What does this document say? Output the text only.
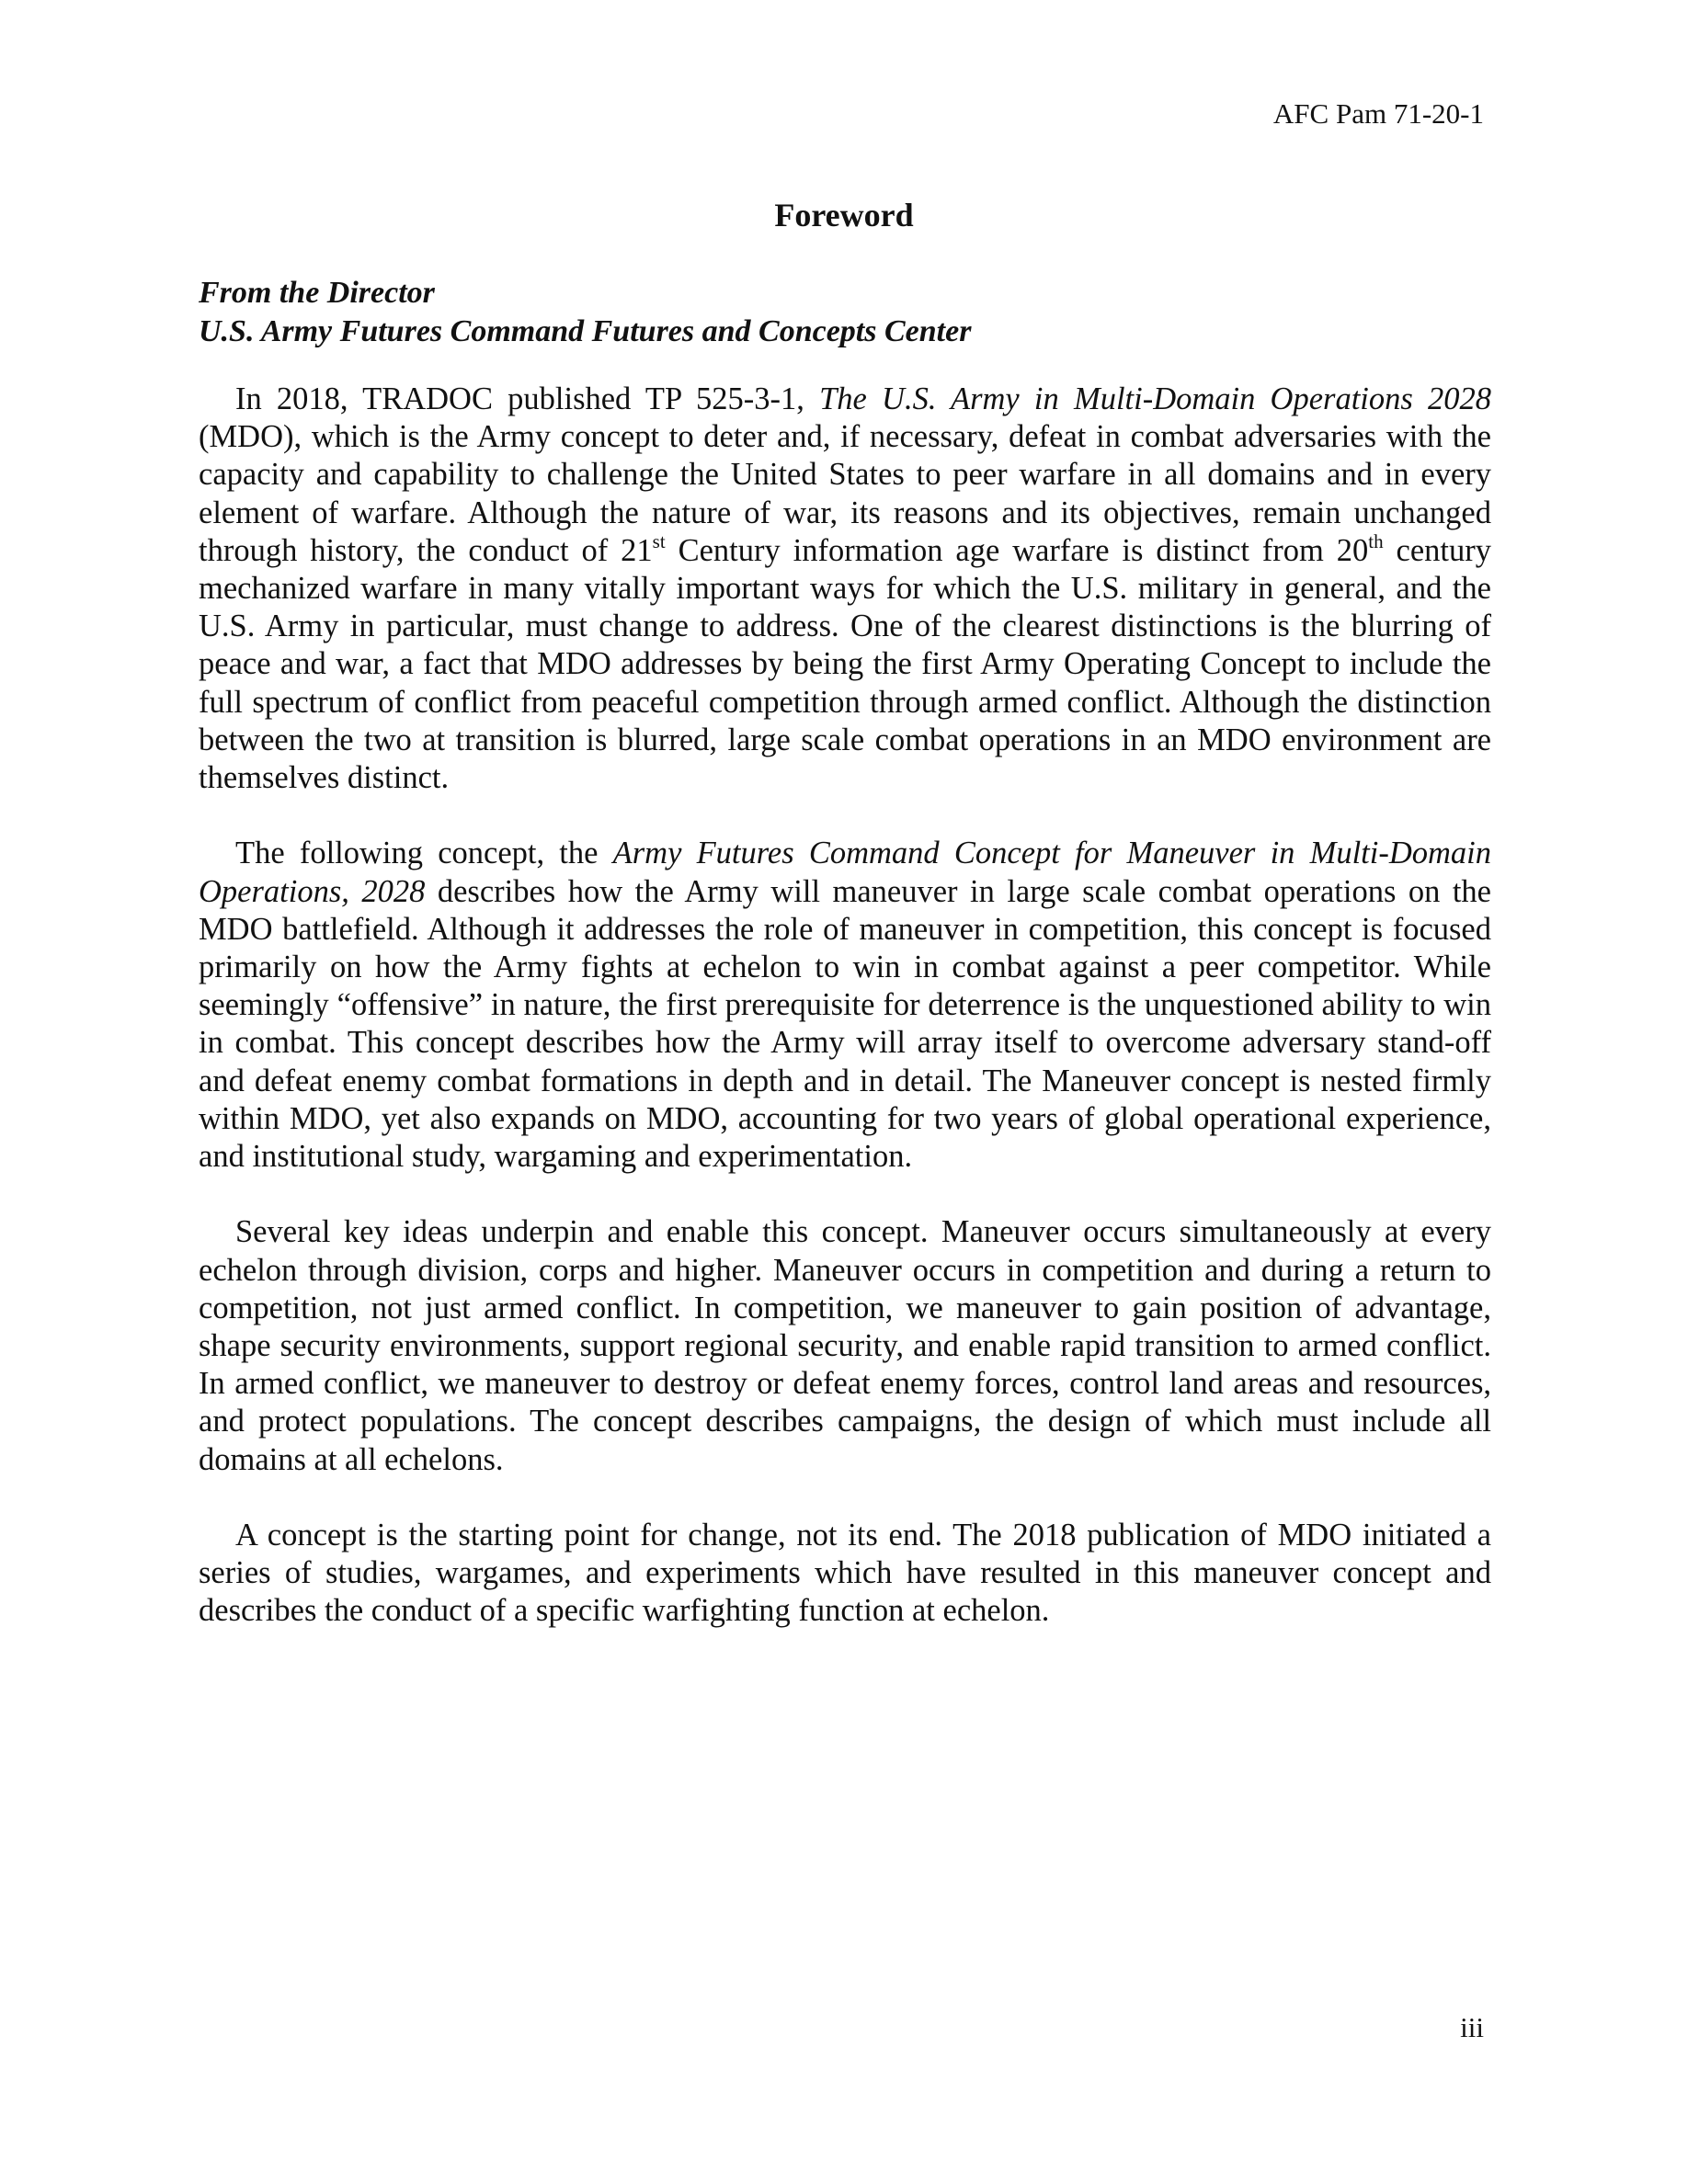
AFC Pam 71-20-1
Foreword
From the Director
U.S. Army Futures Command Futures and Concepts Center

In 2018, TRADOC published TP 525-3-1, The U.S. Army in Multi-Domain Operations 2028 (MDO), which is the Army concept to deter and, if necessary, defeat in combat adversaries with the capacity and capability to challenge the United States to peer warfare in all domains and in every element of warfare. Although the nature of war, its reasons and its objectives, remain unchanged through history, the conduct of 21st Century information age warfare is distinct from 20th century mechanized warfare in many vitally important ways for which the U.S. military in general, and the U.S. Army in particular, must change to address. One of the clearest distinctions is the blurring of peace and war, a fact that MDO addresses by being the first Army Operating Concept to include the full spectrum of conflict from peaceful competition through armed conflict. Although the distinction between the two at transition is blurred, large scale combat operations in an MDO environment are themselves distinct.

The following concept, the Army Futures Command Concept for Maneuver in Multi-Domain Operations, 2028 describes how the Army will maneuver in large scale combat operations on the MDO battlefield. Although it addresses the role of maneuver in competition, this concept is focused primarily on how the Army fights at echelon to win in combat against a peer competitor. While seemingly “offensive” in nature, the first prerequisite for deterrence is the unquestioned ability to win in combat. This concept describes how the Army will array itself to overcome adversary stand-off and defeat enemy combat formations in depth and in detail. The Maneuver concept is nested firmly within MDO, yet also expands on MDO, accounting for two years of global operational experience, and institutional study, wargaming and experimentation.

Several key ideas underpin and enable this concept. Maneuver occurs simultaneously at every echelon through division, corps and higher. Maneuver occurs in competition and during a return to competition, not just armed conflict. In competition, we maneuver to gain position of advantage, shape security environments, support regional security, and enable rapid transition to armed conflict. In armed conflict, we maneuver to destroy or defeat enemy forces, control land areas and resources, and protect populations. The concept describes campaigns, the design of which must include all domains at all echelons.

A concept is the starting point for change, not its end. The 2018 publication of MDO initiated a series of studies, wargames, and experiments which have resulted in this maneuver concept and describes the conduct of a specific warfighting function at echelon.

iii
